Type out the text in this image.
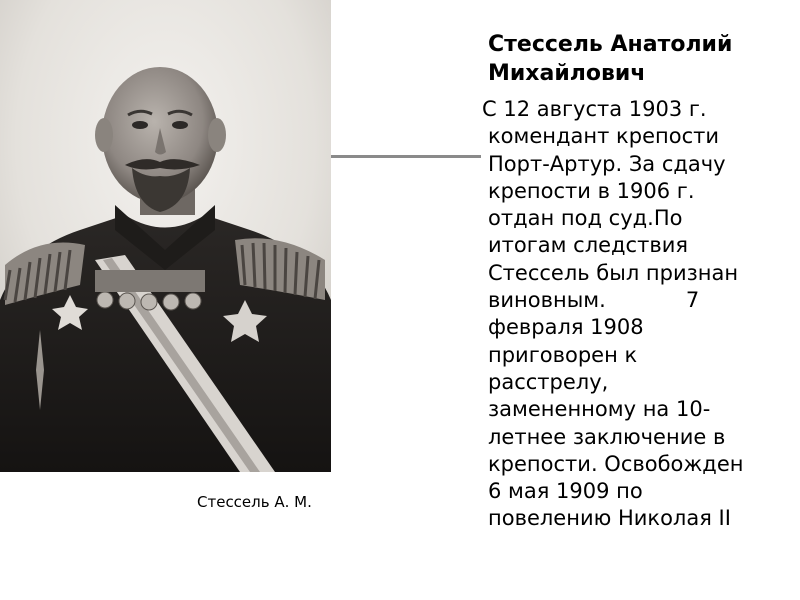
Стессель А. М.
Стессель Анатолий
Михайлович
С 12 августа 1903 г.
комендант крепости
Порт-Артур. За сдачу
крепости в 1906 г.
отдан под суд.По
итогам следствия
Стессель был признан
виновным.            7
февраля 1908
приговорен к
расстрелу,
замененному на 10-
летнее заключение в
крепости. Освобожден
6 мая 1909 по
повелению Николая II
